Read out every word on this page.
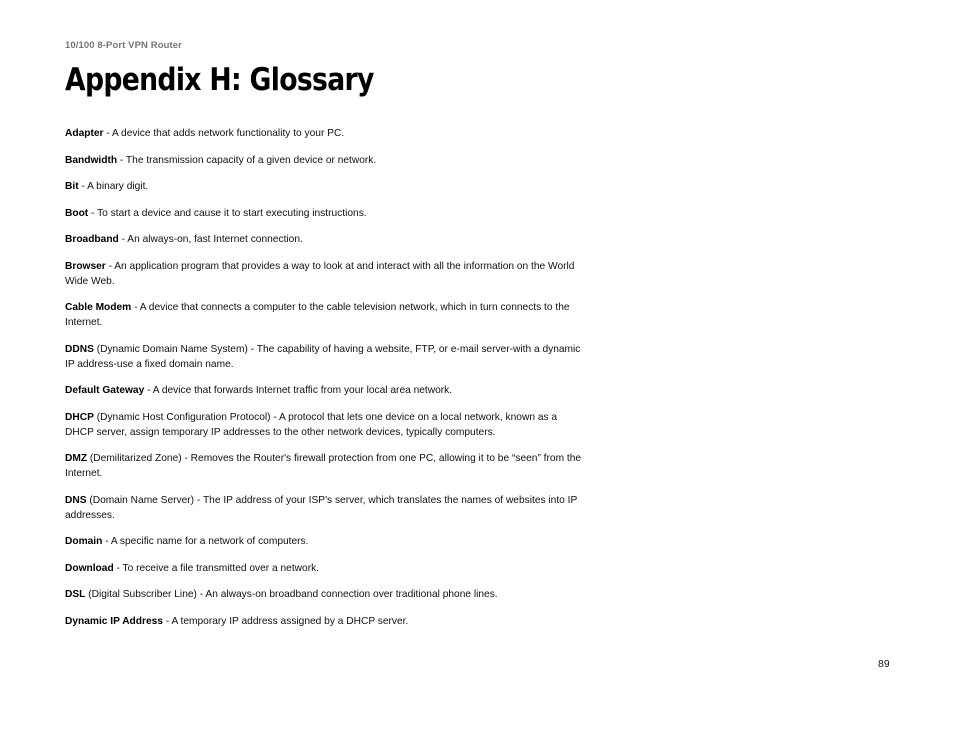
10/100 8-Port VPN Router
Appendix H: Glossary

Adapter - A device that adds network functionality to your PC.

Bandwidth - The transmission capacity of a given device or network.

Bit - A binary digit.

Boot - To start a device and cause it to start executing instructions.

Broadband - An always-on, fast Internet connection.

Browser - An application program that provides a way to look at and interact with all the information on the World Wide Web.

Cable Modem - A device that connects a computer to the cable television network, which in turn connects to the Internet.

DDNS (Dynamic Domain Name System) - The capability of having a website, FTP, or e-mail server-with a dynamic IP address-use a fixed domain name.

Default Gateway - A device that forwards Internet traffic from your local area network.

DHCP (Dynamic Host Configuration Protocol) - A protocol that lets one device on a local network, known as a DHCP server, assign temporary IP addresses to the other network devices, typically computers.

DMZ (Demilitarized Zone) - Removes the Router's firewall protection from one PC, allowing it to be “seen” from the Internet.

DNS (Domain Name Server) - The IP address of your ISP's server, which translates the names of websites into IP addresses.

Domain - A specific name for a network of computers.

Download - To receive a file transmitted over a network.

DSL (Digital Subscriber Line) - An always-on broadband connection over traditional phone lines.

Dynamic IP Address - A temporary IP address assigned by a DHCP server.

89
